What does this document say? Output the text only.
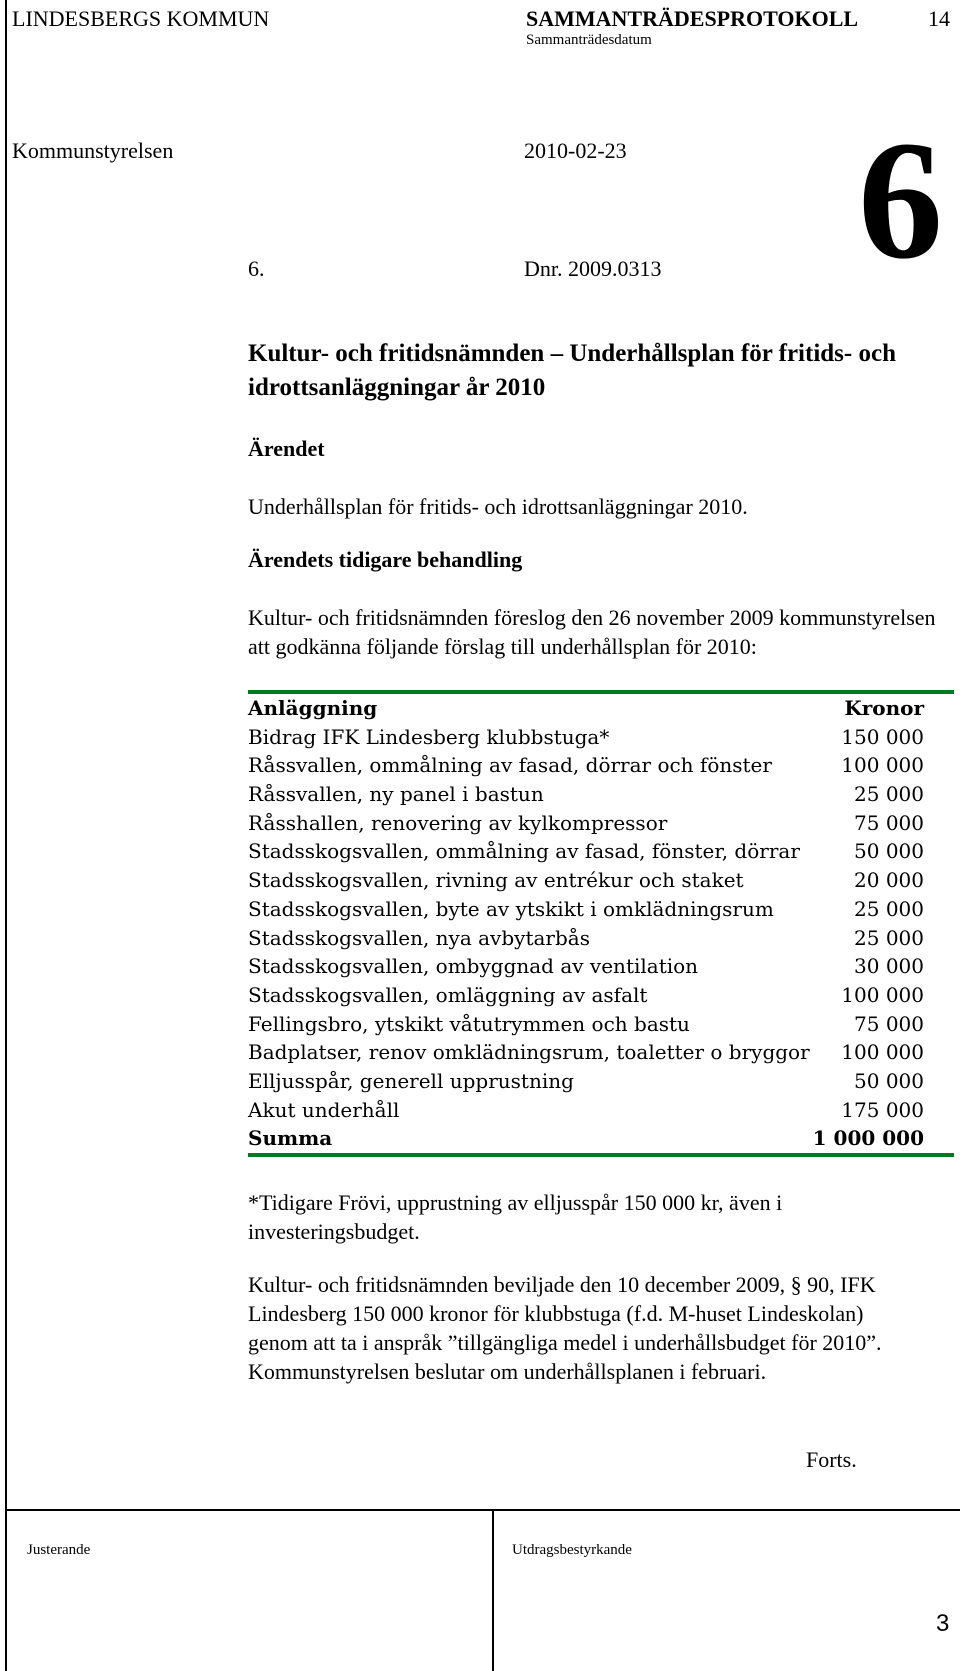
LINDESBERGS KOMMUN	SAMMANTRÄDESPROTOKOLL	14
Sammanträdesdatum
Kommunstyrelsen	2010-02-23 6
6.	Dnr. 2009.0313
Kultur- och fritidsnämnden – Underhållsplan för fritids- och idrottsanläggningar år 2010
Ärendet
Underhållsplan för fritids- och idrottsanläggningar 2010.
Ärendets tidigare behandling
Kultur- och fritidsnämnden föreslog den 26 november 2009 kommunstyrelsen att godkänna följande förslag till underhållsplan för 2010:
Anläggning	Kronor
Bidrag IFK Lindesberg klubbstuga*	150 000
Råssvallen, ommålning av fasad, dörrar och fönster	100 000
Råssvallen, ny panel i bastun	25 000
Råsshallen, renovering av kylkompressor	75 000
Stadsskogsvallen, ommålning av fasad, fönster, dörrar	50 000
Stadsskogsvallen, rivning av entrékur och staket	20 000
Stadsskogsvallen, byte av ytskikt i omklädningsrum	25 000
Stadsskogsvallen, nya avbytarbås	25 000
Stadsskogsvallen, ombyggnad av ventilation	30 000
Stadsskogsvallen, omläggning av asfalt	100 000
Fellingsbro, ytskikt våtutrymmen och bastu	75 000
Badplatser, renov omklädningsrum, toaletter o bryggor 100 000
Elljusspår, generell upprustning	50 000
Akut underhåll	175 000
Summa	1 000 000
*Tidigare Frövi, upprustning av elljusspår 150 000 kr, även i investeringsbudget.
Kultur- och fritidsnämnden beviljade den 10 december 2009, § 90, IFK Lindesberg 150 000 kronor för klubbstuga (f.d. M-huset Lindeskolan) genom att ta i anspråk ”tillgängliga medel i underhållsbudget för 2010”. Kommunstyrelsen beslutar om underhållsplanen i februari.
Forts.
Justerande	Utdragsbestyrkande
3
